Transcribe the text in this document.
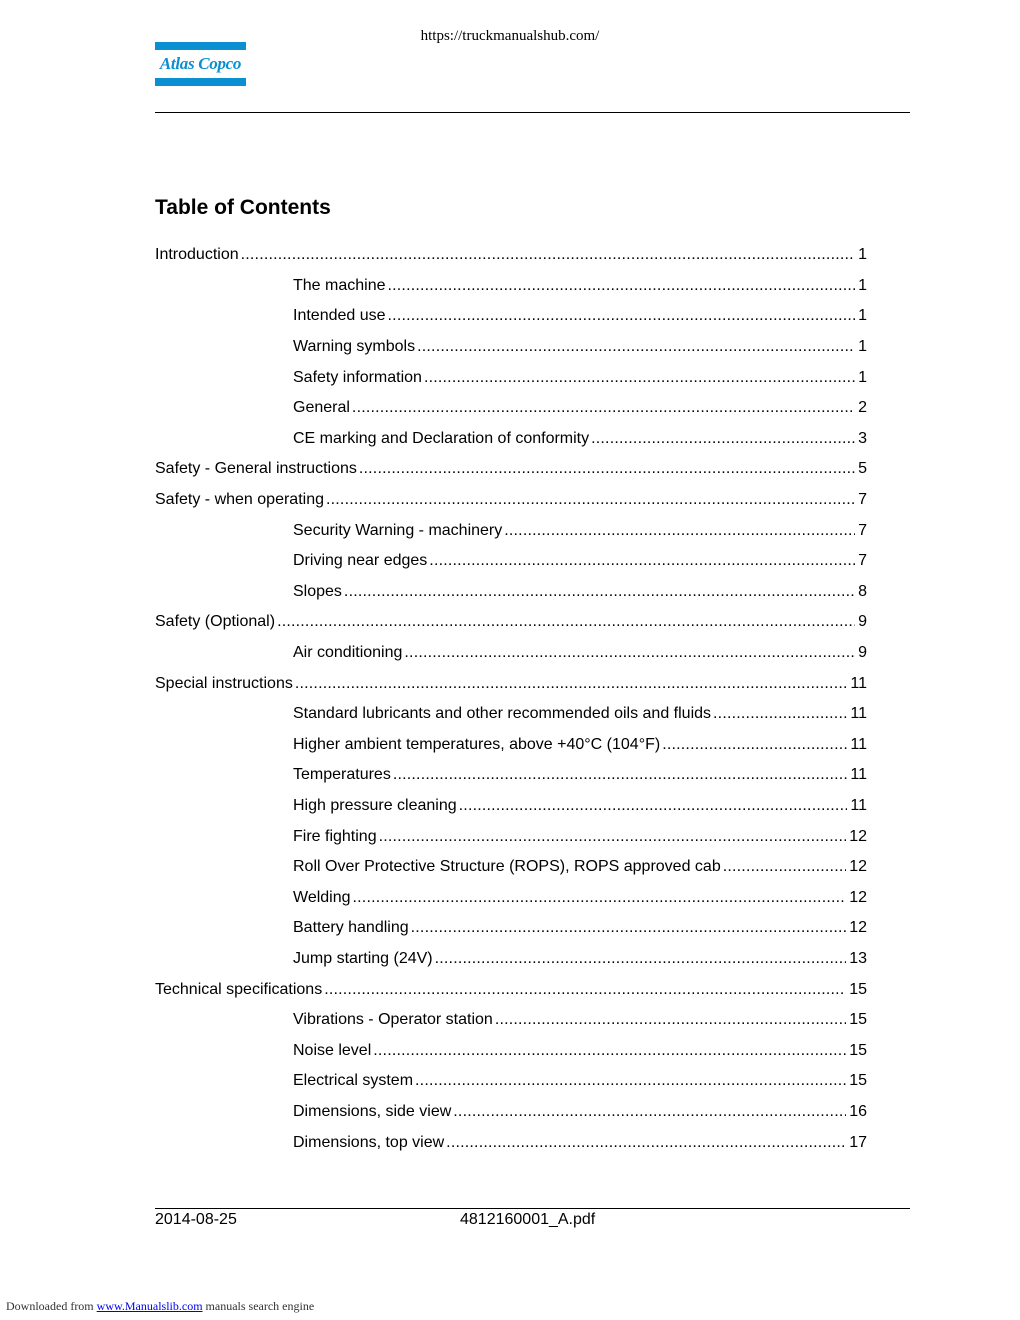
https://truckmanualshub.com/
Atlas Copco
Table of Contents
Introduction .....	1
The machine .....	1
Intended use .....	1
Warning symbols .....	1
Safety information .....	1
General .....	2
CE marking and Declaration of conformity .....	3
Safety - General instructions .....	5
Safety - when operating .....	7
Security Warning - machinery .....	7
Driving near edges .....	7
Slopes .....	8
Safety (Optional) .....	9
Air conditioning .....	9
Special instructions .....	11
Standard lubricants and other recommended oils and fluids .....	11
Higher ambient temperatures, above +40°C (104°F) .....	11
Temperatures .....	11
High pressure cleaning .....	11
Fire fighting .....	12
Roll Over Protective Structure (ROPS), ROPS approved cab .....	12
Welding .....	12
Battery handling .....	12
Jump starting (24V) .....	13
Technical specifications .....	15
Vibrations - Operator station .....	15
Noise level .....	15
Electrical system .....	15
Dimensions, side view .....	16
Dimensions, top view .....	17
2014-08-25	4812160001_A.pdf
Downloaded from www.Manualslib.com manuals search engine
